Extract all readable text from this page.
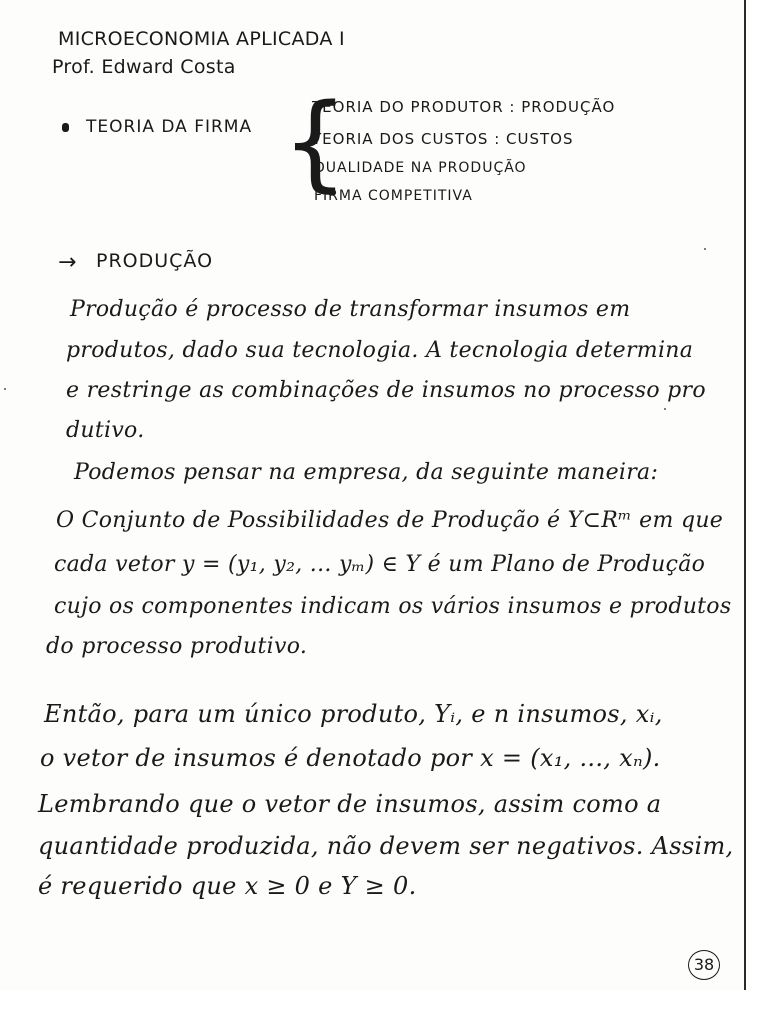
MICROECONOMIA APLICADA I
Prof. Edward Costa
TEORIA DA FIRMA {
TEORIA DO PRODUTOR : PRODUÇÃO
TEORIA DOS CUSTOS : CUSTOS
DUALIDADE NA PRODUÇÃO
FIRMA COMPETITIVA
→ PRODUÇÃO
Produção é processo de transformar insumos em
produtos, dado sua tecnologia. A tecnologia determina
e restringe as combinações de insumos no processo pro
dutivo.
Podemos pensar na empresa, da seguinte maneira:
O Conjunto de Possibilidades de Produção é Y⊂Rᵐ em que
cada vetor y = (y₁, y₂, ... yₘ) ∈ Y é um Plano de Produção
cujo os componentes indicam os vários insumos e produtos
do processo produtivo.
Então, para um único produto, Yᵢ, e n insumos, xᵢ,
o vetor de insumos é denotado por x = (x₁, ..., xₙ).
Lembrando que o vetor de insumos, assim como a
quantidade produzida, não devem ser negativos. Assim,
é requerido que x ≥ 0 e Y ≥ 0.
38
